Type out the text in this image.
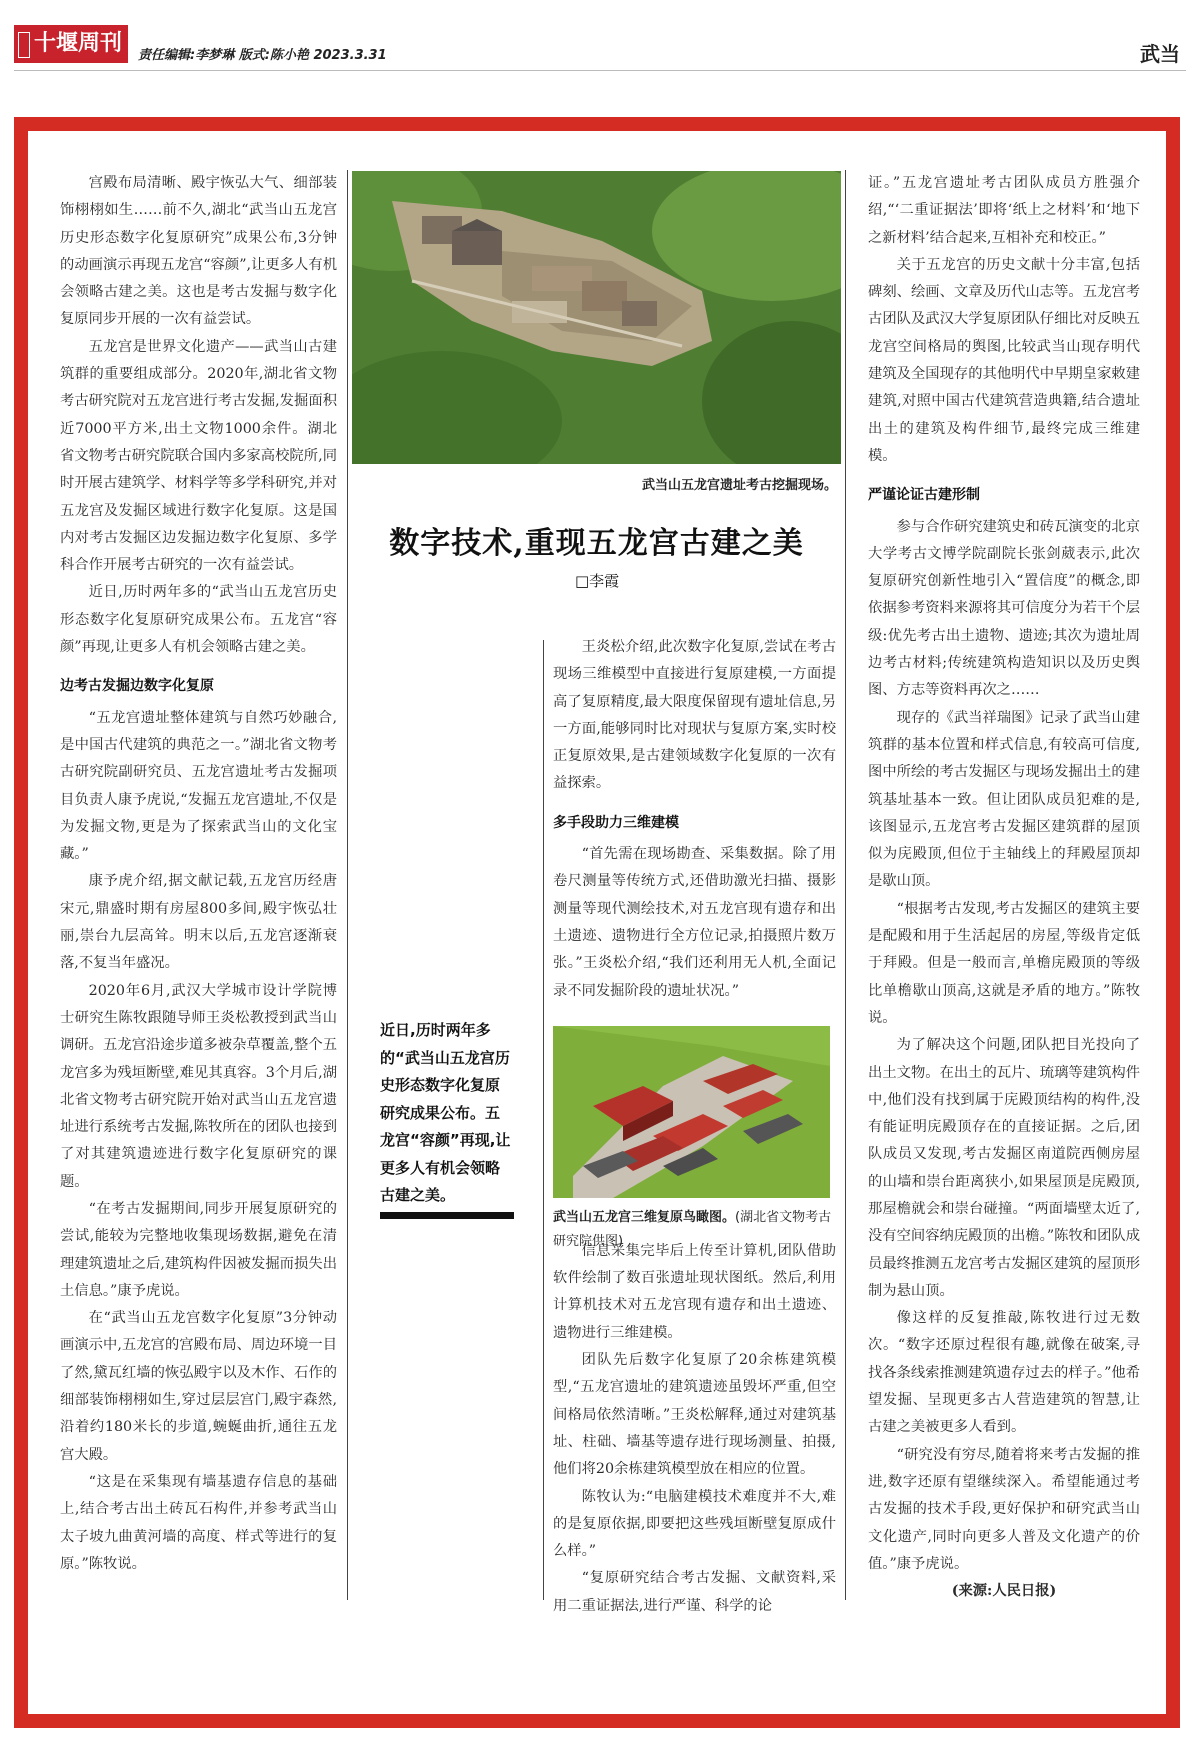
十堰周刊	责任编辑:李梦琳 版式:陈小艳 2023.3.31	武当

宫殿布局清晰、殿宇恢弘大气、细部装饰栩栩如生……前不久,湖北“武当山五龙宫历史形态数字化复原研究”成果公布,3分钟的动画演示再现五龙宫“容颜”,让更多人有机会领略古建之美。这也是考古发掘与数字化复原同步开展的一次有益尝试。

五龙宫是世界文化遗产——武当山古建筑群的重要组成部分。2020年,湖北省文物考古研究院对五龙宫进行考古发掘,发掘面积近7000平方米,出土文物1000余件。湖北省文物考古研究院联合国内多家高校院所,同时开展古建筑学、材料学等多学科研究,并对五龙宫及发掘区域进行数字化复原。这是国内对考古发掘区边发掘边数字化复原、多学科合作开展考古研究的一次有益尝试。

近日,历时两年多的“武当山五龙宫历史形态数字化复原研究成果公布。五龙宫“容颜”再现,让更多人有机会领略古建之美。

边考古发掘边数字化复原

“五龙宫遗址整体建筑与自然巧妙融合,是中国古代建筑的典范之一。”湖北省文物考古研究院副研究员、五龙宫遗址考古发掘项目负责人康予虎说,“发掘五龙宫遗址,不仅是为发掘文物,更是为了探索武当山的文化宝藏。”

康予虎介绍,据文献记载,五龙宫历经唐宋元,鼎盛时期有房屋800多间,殿宇恢弘壮丽,崇台九层高耸。明末以后,五龙宫逐渐衰落,不复当年盛况。

2020年6月,武汉大学城市设计学院博士研究生陈牧跟随导师王炎松教授到武当山调研。五龙宫沿途步道多被杂草覆盖,整个五龙宫多为残垣断壁,难见其真容。3个月后,湖北省文物考古研究院开始对武当山五龙宫遗址进行系统考古发掘,陈牧所在的团队也接到了对其建筑遗迹进行数字化复原研究的课题。

“在考古发掘期间,同步开展复原研究的尝试,能较为完整地收集现场数据,避免在清理建筑遗址之后,建筑构件因被发掘而损失出土信息。”康予虎说。

在“武当山五龙宫数字化复原”3分钟动画演示中,五龙宫的宫殿布局、周边环境一目了然,黛瓦红墙的恢弘殿宇以及木作、石作的细部装饰栩栩如生,穿过层层宫门,殿宇森然,沿着约180米长的步道,蜿蜒曲折,通往五龙宫大殿。

“这是在采集现有墙基遗存信息的基础上,结合考古出土砖瓦石构件,并参考武当山太子坡九曲黄河墙的高度、样式等进行的复原。”陈牧说。

武当山五龙宫遗址考古挖掘现场。
数字技术,重现五龙宫古建之美
□李霞
近日,历时两年多的“武当山五龙宫历史形态数字化复原研究成果公布。五龙宫“容颜”再现,让更多人有机会领略古建之美。

王炎松介绍,此次数字化复原,尝试在考古现场三维模型中直接进行复原建模,一方面提高了复原精度,最大限度保留现有遗址信息,另一方面,能够同时比对现状与复原方案,实时校正复原效果,是古建领域数字化复原的一次有益探索。

多手段助力三维建模

“首先需在现场勘查、采集数据。除了用卷尺测量等传统方式,还借助激光扫描、摄影测量等现代测绘技术,对五龙宫现有遗存和出土遗迹、遗物进行全方位记录,拍摄照片数万张。”王炎松介绍,“我们还利用无人机,全面记录不同发掘阶段的遗址状况。”

信息采集完毕后上传至计算机,团队借助软件绘制了数百张遗址现状图纸。然后,利用计算机技术对五龙宫现有遗存和出土遗迹、遗物进行三维建模。

团队先后数字化复原了20余栋建筑模型,“五龙宫遗址的建筑遗迹虽毁坏严重,但空间格局依然清晰。”王炎松解释,通过对建筑基址、柱础、墙基等遗存进行现场测量、拍摄,他们将20余栋建筑模型放在相应的位置。

陈牧认为:“电脑建模技术难度并不大,难的是复原依据,即要把这些残垣断壁复原成什么样。”

“复原研究结合考古发掘、文献资料,采用二重证据法,进行严谨、科学的论

武当山五龙宫三维复原鸟瞰图。(湖北省文物考古研究院供图)

证。”五龙宫遗址考古团队成员方胜强介绍,“‘二重证据法’即将‘纸上之材料’和‘地下之新材料’结合起来,互相补充和校正。”

关于五龙宫的历史文献十分丰富,包括碑刻、绘画、文章及历代山志等。五龙宫考古团队及武汉大学复原团队仔细比对反映五龙宫空间格局的舆图,比较武当山现存明代建筑及全国现存的其他明代中早期皇家敕建建筑,对照中国古代建筑营造典籍,结合遗址出土的建筑及构件细节,最终完成三维建模。

严谨论证古建形制

参与合作研究建筑史和砖瓦演变的北京大学考古文博学院副院长张剑葳表示,此次复原研究创新性地引入“置信度”的概念,即依据参考资料来源将其可信度分为若干个层级:优先考古出土遗物、遗迹;其次为遗址周边考古材料;传统建筑构造知识以及历史舆图、方志等资料再次之……

现存的《武当祥瑞图》记录了武当山建筑群的基本位置和样式信息,有较高可信度,图中所绘的考古发掘区与现场发掘出土的建筑基址基本一致。但让团队成员犯难的是,该图显示,五龙宫考古发掘区建筑群的屋顶似为庑殿顶,但位于主轴线上的拜殿屋顶却是歇山顶。

“根据考古发现,考古发掘区的建筑主要是配殿和用于生活起居的房屋,等级肯定低于拜殿。但是一般而言,单檐庑殿顶的等级比单檐歇山顶高,这就是矛盾的地方。”陈牧说。

为了解决这个问题,团队把目光投向了出土文物。在出土的瓦片、琉璃等建筑构件中,他们没有找到属于庑殿顶结构的构件,没有能证明庑殿顶存在的直接证据。之后,团队成员又发现,考古发掘区南道院西侧房屋的山墙和崇台距离狭小,如果屋顶是庑殿顶,那屋檐就会和崇台碰撞。“两面墙壁太近了,没有空间容纳庑殿顶的出檐。”陈牧和团队成员最终推测五龙宫考古发掘区建筑的屋顶形制为悬山顶。

像这样的反复推敲,陈牧进行过无数次。“数字还原过程很有趣,就像在破案,寻找各条线索推测建筑遗存过去的样子。”他希望发掘、呈现更多古人营造建筑的智慧,让古建之美被更多人看到。

“研究没有穷尽,随着将来考古发掘的推进,数字还原有望继续深入。希望能通过考古发掘的技术手段,更好保护和研究武当山文化遗产,同时向更多人普及文化遗产的价值。”康予虎说。

(来源:人民日报)
